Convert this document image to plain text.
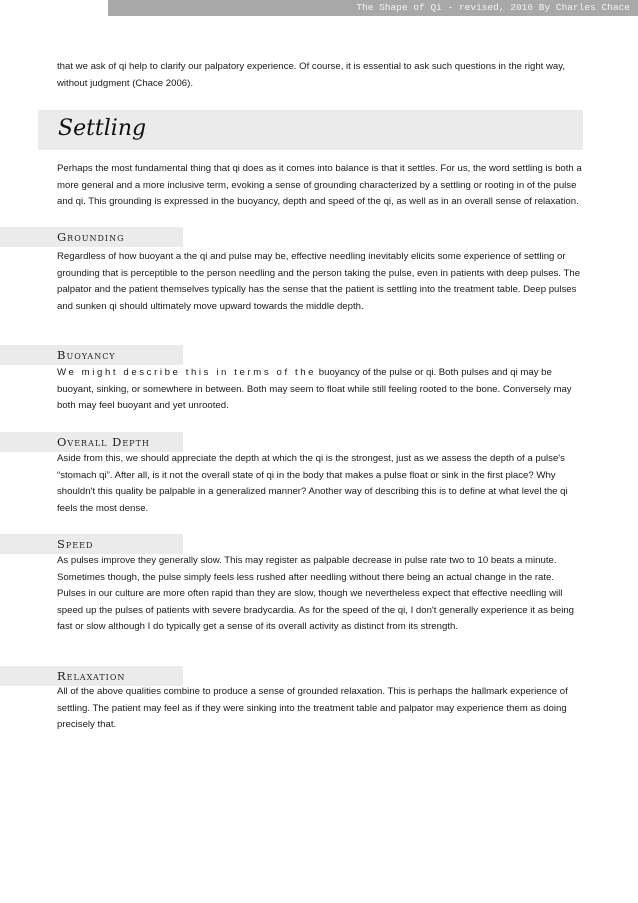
The Shape of Qi - revised, 2016 By Charles Chace

that we ask of qi help to clarify our palpatory experience. Of course, it is essential to ask such questions in the right way, without judgment (Chace 2006).

Settling

Perhaps the most fundamental thing that qi does as it comes into balance is that it settles. For us, the word settling is both a more general and a more inclusive term, evoking a sense of grounding characterized by a settling or rooting in of the pulse and qi. This grounding is expressed in the buoyancy, depth and speed of the qi, as well as in an overall sense of relaxation.

Grounding

Regardless of how buoyant a the qi and pulse may be, effective needling inevitably elicits some experience of settling or grounding that is perceptible to the person needling and the person taking the pulse, even in patients with deep pulses. The palpator and the patient themselves typically has the sense that the patient is settling into the treatment table. Deep pulses and sunken qi should ultimately move upward towards the middle depth.

Buoyancy

We might describe this in terms of the buoyancy of the pulse or qi. Both pulses and qi may be buoyant, sinking, or somewhere in between. Both may seem to float while still feeling rooted to the bone. Conversely may both may feel buoyant and yet unrooted.

Overall Depth

Aside from this, we should appreciate the depth at which the qi is the strongest, just as we assess the depth of a pulse's “stomach qi”. After all, is it not the overall state of qi in the body that makes a pulse float or sink in the first place? Why shouldn't this quality be palpable in a generalized manner? Another way of describing this is to define at what level the qi feels the most dense.

Speed

As pulses improve they generally slow. This may register as palpable decrease in pulse rate two to 10 beats a minute. Sometimes though, the pulse simply feels less rushed after needling without there being an actual change in the rate. Pulses in our culture are more often rapid than they are slow, though we nevertheless expect that effective needling will speed up the pulses of patients with severe bradycardia. As for the speed of the qi, I don't generally experience it as being fast or slow although I do typically get a sense of its overall activity as distinct from its strength.

Relaxation

All of the above qualities combine to produce a sense of grounded relaxation. This is perhaps the hallmark experience of settling. The patient may feel as if they were sinking into the treatment table and palpator may experience them as doing precisely that.
